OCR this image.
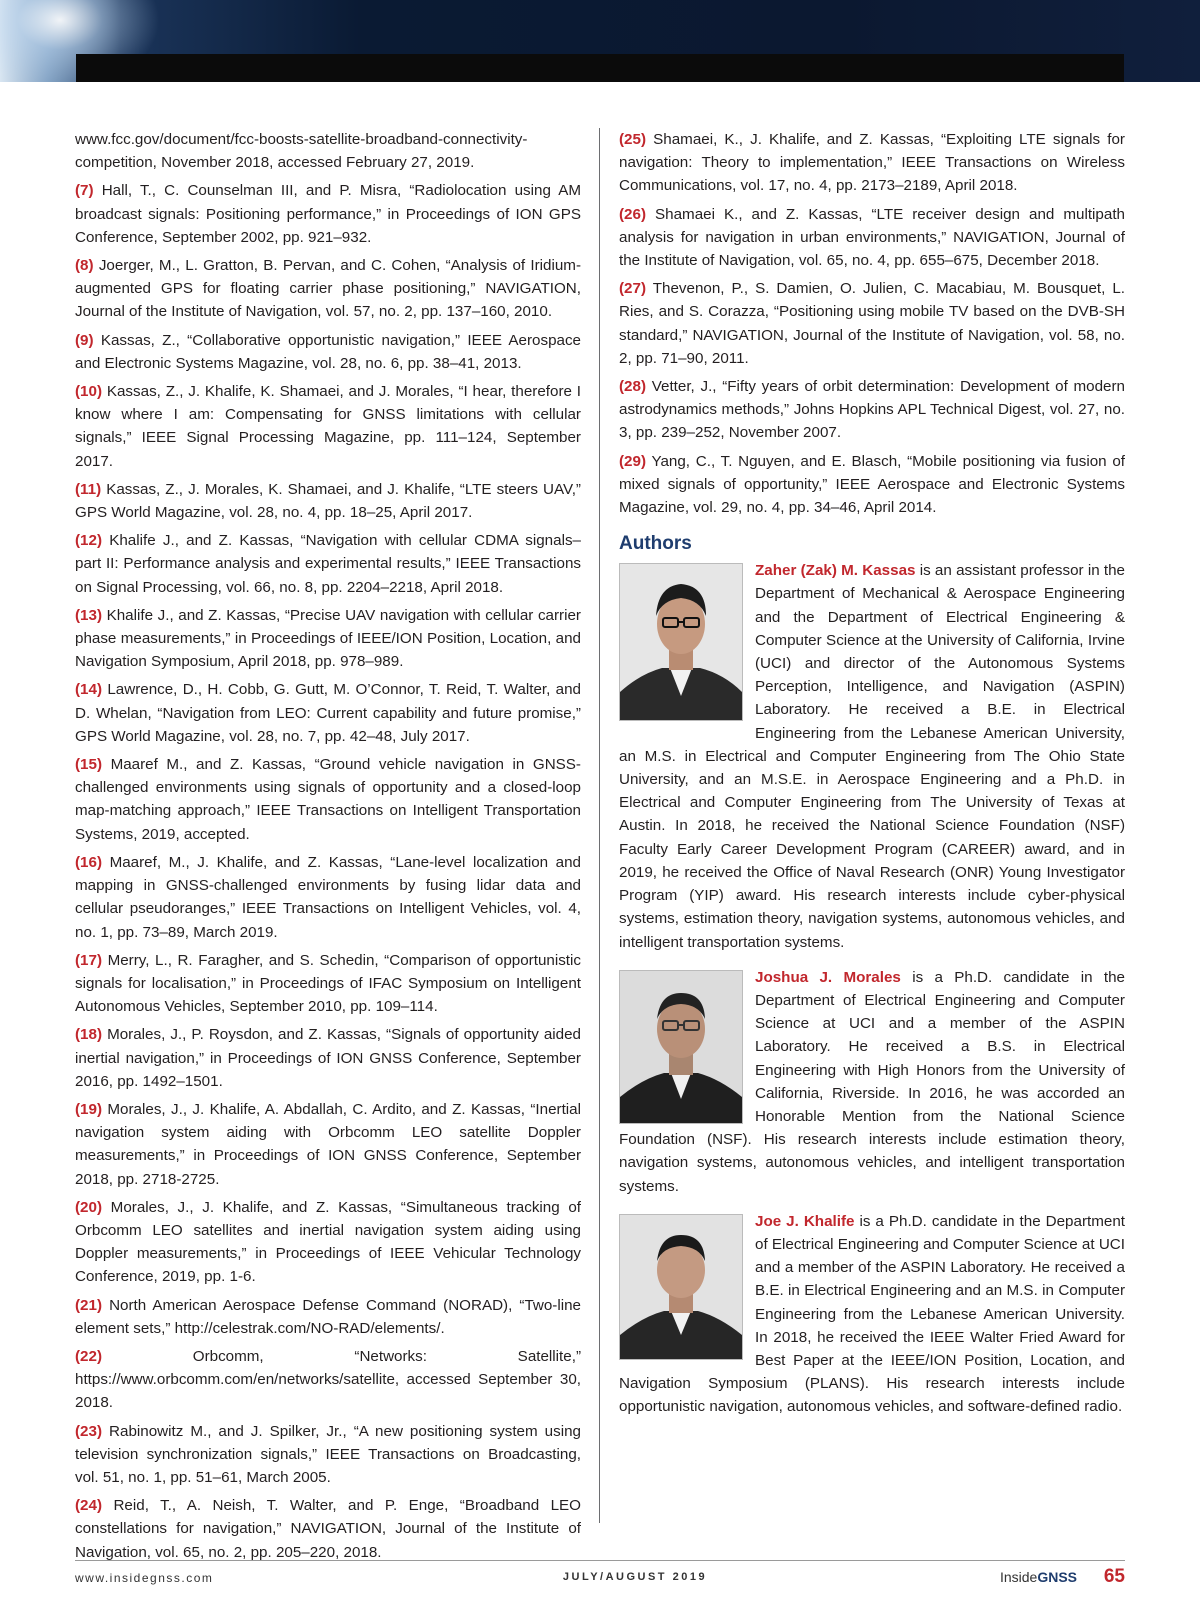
www.fcc.gov/document/fcc-boosts-satellite-broadband-connectivity-competition, November 2018, accessed February 27, 2019.
(7) Hall, T., C. Counselman III, and P. Misra, “Radiolocation using AM broadcast signals: Positioning performance,” in Proceedings of ION GPS Conference, September 2002, pp. 921–932.
(8) Joerger, M., L. Gratton, B. Pervan, and C. Cohen, “Analysis of Iridium-augmented GPS for floating carrier phase positioning,” NAVIGATION, Journal of the Institute of Navigation, vol. 57, no. 2, pp. 137–160, 2010.
(9) Kassas, Z., “Collaborative opportunistic navigation,” IEEE Aerospace and Electronic Systems Magazine, vol. 28, no. 6, pp. 38–41, 2013.
(10) Kassas, Z., J. Khalife, K. Shamaei, and J. Morales, “I hear, therefore I know where I am: Compensating for GNSS limitations with cellular signals,” IEEE Signal Processing Magazine, pp. 111–124, September 2017.
(11) Kassas, Z., J. Morales, K. Shamaei, and J. Khalife, “LTE steers UAV,” GPS World Magazine, vol. 28, no. 4, pp. 18–25, April 2017.
(12) Khalife J., and Z. Kassas, “Navigation with cellular CDMA signals– part II: Performance analysis and experimental results,” IEEE Transactions on Signal Processing, vol. 66, no. 8, pp. 2204–2218, April 2018.
(13) Khalife J., and Z. Kassas, “Precise UAV navigation with cellular carrier phase measurements,” in Proceedings of IEEE/ION Position, Location, and Navigation Symposium, April 2018, pp. 978–989.
(14) Lawrence, D., H. Cobb, G. Gutt, M. O’Connor, T. Reid, T. Walter, and D. Whelan, “Navigation from LEO: Current capability and future promise,” GPS World Magazine, vol. 28, no. 7, pp. 42–48, July 2017.
(15) Maaref M., and Z. Kassas, “Ground vehicle navigation in GNSS-challenged environments using signals of opportunity and a closed-loop map-matching approach,” IEEE Transactions on Intelligent Transportation Systems, 2019, accepted.
(16) Maaref, M., J. Khalife, and Z. Kassas, “Lane-level localization and mapping in GNSS-challenged environments by fusing lidar data and cellular pseudoranges,” IEEE Transactions on Intelligent Vehicles, vol. 4, no. 1, pp. 73–89, March 2019.
(17) Merry, L., R. Faragher, and S. Schedin, “Comparison of opportunistic signals for localisation,” in Proceedings of IFAC Symposium on Intelligent Autonomous Vehicles, September 2010, pp. 109–114.
(18) Morales, J., P. Roysdon, and Z. Kassas, “Signals of opportunity aided inertial navigation,” in Proceedings of ION GNSS Conference, September 2016, pp. 1492–1501.
(19) Morales, J., J. Khalife, A. Abdallah, C. Ardito, and Z. Kassas, “Inertial navigation system aiding with Orbcomm LEO satellite Doppler measurements,” in Proceedings of ION GNSS Conference, September 2018, pp. 2718-2725.
(20) Morales, J., J. Khalife, and Z. Kassas, “Simultaneous tracking of Orbcomm LEO satellites and inertial navigation system aiding using Doppler measurements,” in Proceedings of IEEE Vehicular Technology Conference, 2019, pp. 1-6.
(21) North American Aerospace Defense Command (NORAD), “Two-line element sets,” http://celestrak.com/NO-RAD/elements/.
(22)	Orbcomm, “Networks: Satellite,” https://www.orbcomm.com/en/networks/satellite, accessed September 30, 2018.
(23) Rabinowitz M., and J. Spilker, Jr., “A new positioning system using television synchronization signals,” IEEE Transactions on Broadcasting, vol. 51, no. 1, pp. 51–61, March 2005.
(24) Reid, T., A. Neish, T. Walter, and P. Enge, “Broadband LEO constellations for navigation,” NAVIGATION, Journal of the Institute of Navigation, vol. 65, no. 2, pp. 205–220, 2018.
(25) Shamaei, K., J. Khalife, and Z. Kassas, “Exploiting LTE signals for navigation: Theory to implementation,” IEEE Transactions on Wireless Communications, vol. 17, no. 4, pp. 2173–2189, April 2018.
(26) Shamaei K., and Z. Kassas, “LTE receiver design and multipath analysis for navigation in urban environments,” NAVIGATION, Journal of the Institute of Navigation, vol. 65, no. 4, pp. 655–675, December 2018.
(27) Thevenon, P., S. Damien, O. Julien, C. Macabiau, M. Bousquet, L. Ries, and S. Corazza, “Positioning using mobile TV based on the DVB-SH standard,” NAVIGATION, Journal of the Institute of Navigation, vol. 58, no. 2, pp. 71–90, 2011.
(28) Vetter, J., “Fifty years of orbit determination: Development of modern astrodynamics methods,” Johns Hopkins APL Technical Digest, vol. 27, no. 3, pp. 239–252, November 2007.
(29) Yang, C., T. Nguyen, and E. Blasch, “Mobile positioning via fusion of mixed signals of opportunity,” IEEE Aerospace and Electronic Systems Magazine, vol. 29, no. 4, pp. 34–46, April 2014.
Authors
Zaher (Zak) M. Kassas is an assistant professor in the Department of Mechanical & Aerospace Engineering and the Department of Electrical Engineering & Computer Science at the University of California, Irvine (UCI) and director of the Autonomous Systems Perception, Intelligence, and Navigation (ASPIN) Laboratory. He received a B.E. in Electrical Engineering from the Lebanese American University, an M.S. in Electrical and Computer Engineering from The Ohio State University, and an M.S.E. in Aerospace Engineering and a Ph.D. in Electrical and Computer Engineering from The University of Texas at Austin. In 2018, he received the National Science Foundation (NSF) Faculty Early Career Development Program (CAREER) award, and in 2019, he received the Office of Naval Research (ONR) Young Investigator Program (YIP) award. His research interests include cyber-physical systems, estimation theory, navigation systems, autonomous vehicles, and intelligent transportation systems.
Joshua J. Morales is a Ph.D. candidate in the Department of Electrical Engineering and Computer Science at UCI and a member of the ASPIN Laboratory. He received a B.S. in Electrical Engineering with High Honors from the University of California, Riverside. In 2016, he was accorded an Honorable Mention from the National Science Foundation (NSF). His research interests include estimation theory, navigation systems, autonomous vehicles, and intelligent transportation systems.
Joe J. Khalife is a Ph.D. candidate in the Department of Electrical Engineering and Computer Science at UCI and a member of the ASPIN Laboratory. He received a B.E. in Electrical Engineering and an M.S. in Computer Engineering from the Lebanese American University. In 2018, he received the IEEE Walter Fried Award for Best Paper at the IEEE/ION Position, Location, and Navigation Symposium (PLANS). His research interests include opportunistic navigation, autonomous vehicles, and software-defined radio.
www.insidegnss.com	JULY/AUGUST 2019	InsideGNSS 65
